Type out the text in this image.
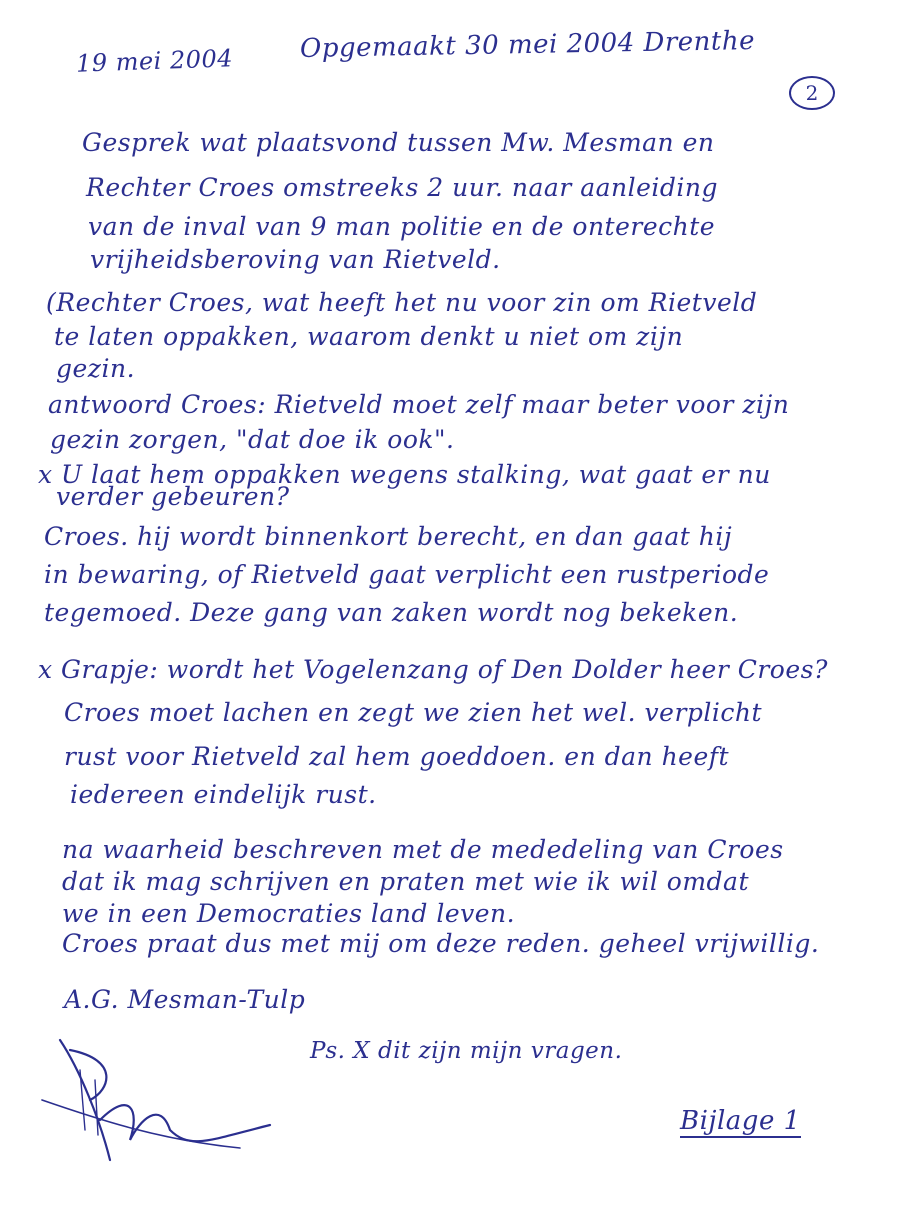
19 mei 2004	Opgemaakt 30 mei 2004 Drenthe
2
Gesprek wat plaatsvond tussen Mw. Mesman en
Rechter Croes omstreeks 2 uur. naar aanleiding
van de inval van 9 man politie en de onterechte
vrijheidsberoving van Rietveld.
(Rechter Croes, wat heeft het nu voor zin om Rietveld
te laten oppakken, waarom denkt u niet om zijn
gezin.
antwoord Croes: Rietveld moet zelf maar beter voor zijn
gezin zorgen, "dat doe ik ook".
x U laat hem oppakken wegens stalking, wat gaat er nu
verder gebeuren?
Croes. hij wordt binnenkort berecht, en dan gaat hij
in bewaring, of Rietveld gaat verplicht een rustperiode
tegemoed. Deze gang van zaken wordt nog bekeken.
x Grapje: wordt het Vogelenzang of Den Dolder heer Croes?
Croes moet lachen en zegt we zien het wel. verplicht
rust voor Rietveld zal hem goeddoen. en dan heeft
iedereen eindelijk rust.
na waarheid beschreven met de mededeling van Croes
dat ik mag schrijven en praten met wie ik wil omdat
we in een Democraties land leven.
Croes praat dus met mij om deze reden. geheel vrijwillig.
A.G. Mesman-Tulp
Ps. X dit zijn mijn vragen.
Bijlage 1
